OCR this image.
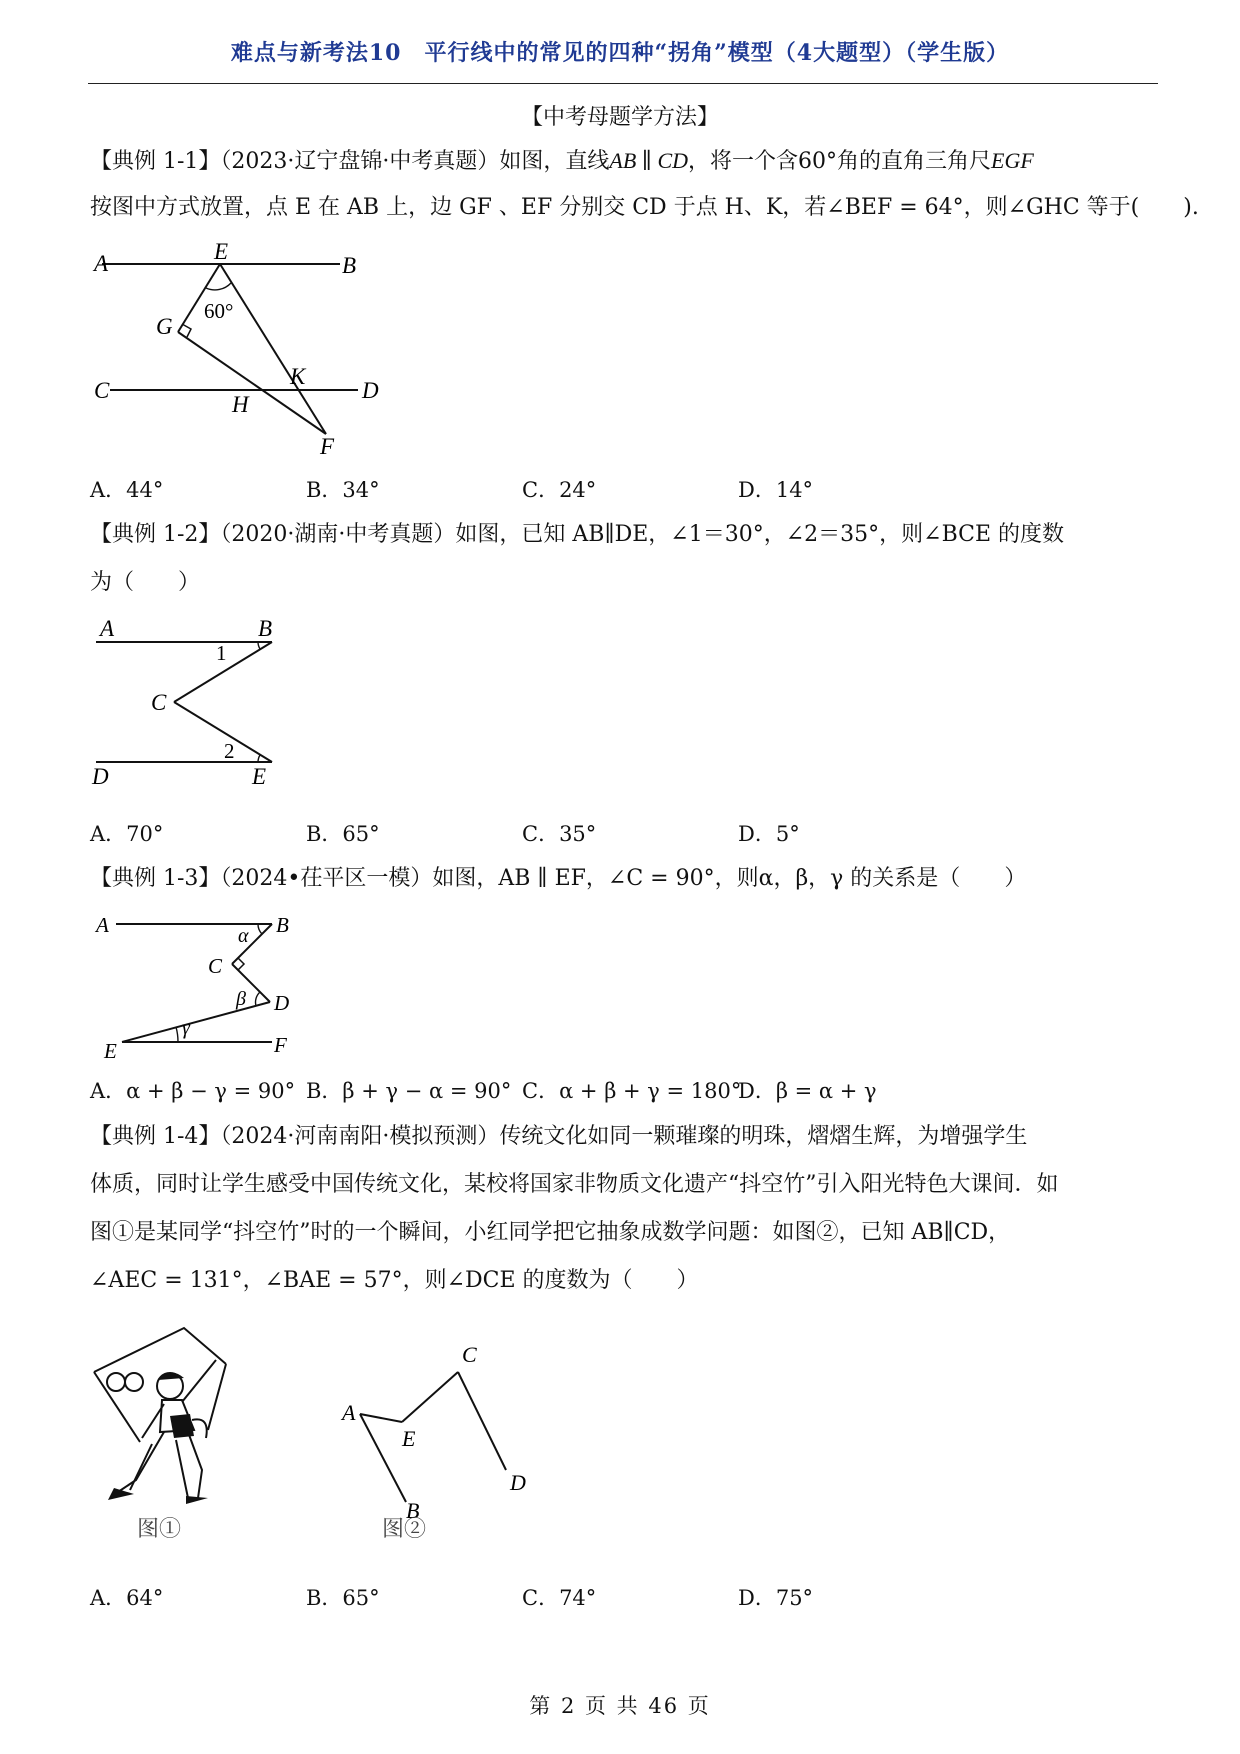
难点与新考法10　平行线中的常见的四种“拐角”模型（4大题型）（学生版）
【中考母题学方法】
【典例 1-1】（2023·辽宁盘锦·中考真题）如图，直线AB ∥ CD，将一个含60°角的直角三角尺EGF
按图中方式放置，点 E 在 AB 上，边 GF 、EF 分别交 CD 于点 H、K，若∠BEF = 64°，则∠GHC 等于(　　).
A	B
E
60°
G
C	D
K
H
F
A．44°	B．34°	C．24°	D．14°
【典例 1-2】（2020·湖南·中考真题）如图，已知 AB∥DE，∠1＝30°，∠2＝35°，则∠BCE 的度数
为（　　）
A	B
1
C
2
D	E
A．70°	B．65°	C．35°	D．5°
【典例 1-3】（2024•茌平区一模）如图，AB ∥ EF，∠C = 90°，则α，β，γ 的关系是（　　）
A	B
α
C
β D
γ
E	F
A．α + β − γ = 90° B．β + γ − α = 90° C．α + β + γ = 180°
D．β = α + γ
【典例 1-4】（2024·河南南阳·模拟预测）传统文化如同一颗璀璨的明珠，熠熠生辉，为增强学生
体质，同时让学生感受中国传统文化，某校将国家非物质文化遗产“抖空竹”引入阳光特色大课间．如
图①是某同学“抖空竹”时的一个瞬间，小红同学把它抽象成数学问题：如图②，已知 AB∥CD，
∠AEC = 131°，∠BAE = 57°，则∠DCE 的度数为（　　）
图①
A
E
C
D
B
图②
A．64°	B．65°	C．74°	D．75°
第 2 页 共 46 页
